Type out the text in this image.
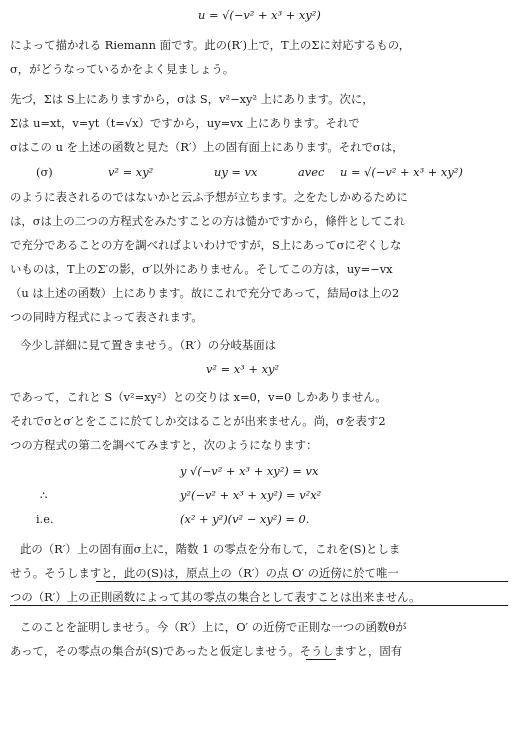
u = √(−v² + x³ + xy²)
によって描かれる Riemann 面です。此の(R′)上で，T上のΣに対応するもの，
σ，がどうなっているかをよく見ましょう。
先づ，Σは S上にありますから，σは S，v²−xy² 上にあります。次に，
Σは u=xt，v=yt（t=√x）ですから，uy=vx 上にあります。それで
σはこの u を上述の函数と見た（R′）上の固有面上にあります。それでσは，
(σ)	v² = xy²	uy = vx	avec u = √(−v² + x³ + xy²)
のように表されるのではないかと云ふ予想が立ちます。之をたしかめるために
は，σは上の二つの方程式をみたすことの方は慥かですから，條件としてこれ
で充分であることの方を調べればよいわけですが，S上にあってσにぞくしな
いものは，T上のΣ′の影，σ′以外にありません。そしてこの方は，uy=−vx
（u は上述の函数）上にあります。故にこれで充分であって，結局σは上の2
つの同時方程式によって表されます。
今少し詳細に見て置きませう。（R′）の分岐基面は
v² = x³ + xy²
であって，これと S（v²=xy²）との交りは x=0，v=0 しかありません。
それでσとσ′とをここに於てしか交はることが出来ません。尚，σを表す2
つの方程式の第二を調べてみますと，次のようになります：
y √(−v² + x³ + xy²) = vx
∴	y²(−v² + x³ + xy²) = v²x²
i.e.	(x² + y²)(v² − xy²) = 0.
此の（R′）上の固有面σ上に，階数 1 の零点を分布して，これを(S)としま
せう。そうしますと，此の(S)は，原点上の（R′）の点 O′ の近傍に於て唯一
つの（R′）上の正則函数によって其の零点の集合として表すことは出来ません。
このことを証明しませう。今（R′）上に，O′ の近傍で正則な一つの函数θが
あって，その零点の集合が(S)であったと仮定しませう。そうしますと，固有
